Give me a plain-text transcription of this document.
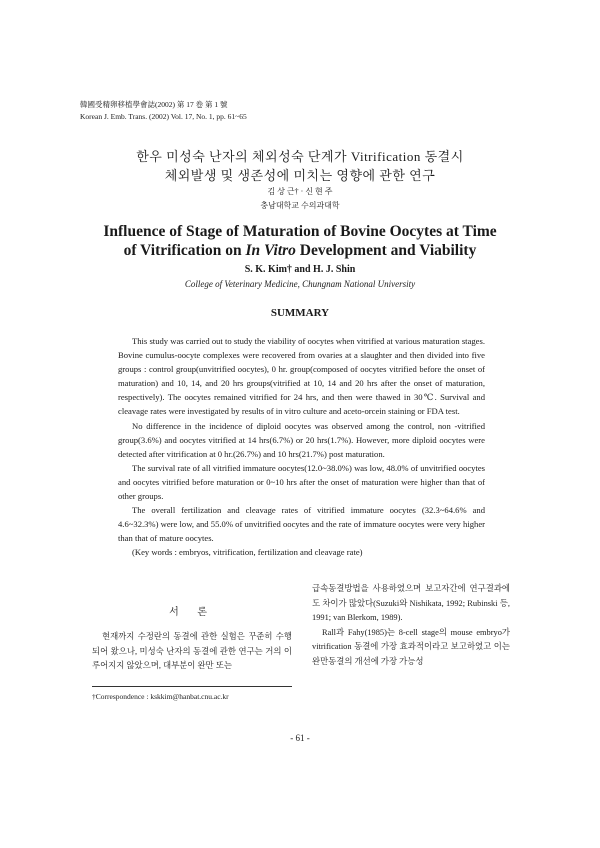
韓國受精卵移植學會誌(2002) 第 17 卷 第 1 號
Korean J. Emb. Trans. (2002) Vol. 17, No. 1, pp. 61~65
한우 미성숙 난자의 체외성숙 단계가 Vitrification 동결시
체외발생 및 생존성에 미치는 영향에 관한 연구
김 상 근† · 신 현 주
충남대학교 수의과대학
Influence of Stage of Maturation of Bovine Oocytes at Time
of Vitrification on In Vitro Development and Viability
S. K. Kim† and H. J. Shin
College of Veterinary Medicine, Chungnam National University
SUMMARY

This study was carried out to study the viability of oocytes when vitrified at various maturation stages. Bovine cumulus-oocyte complexes were recovered from ovaries at a slaughter and then divided into five groups : control group(unvitrified oocytes), 0 hr. group(composed of oocytes vitrified before the onset of maturation) and 10, 14, and 20 hrs groups(vitrified at 10, 14 and 20 hrs after the onset of maturation, respectively). The oocytes remained vitrified for 24 hrs, and then were thawed in 30℃. Survival and cleavage rates were investigated by results of in vitro culture and aceto-orcein staining or FDA test.

No difference in the incidence of diploid oocytes was observed among the control, non -vitrified group(3.6%) and oocytes vitrified at 14 hrs(6.7%) or 20 hrs(1.7%). However, more diploid oocytes were detected after vitrification at 0 hr.(26.7%) and 10 hrs(21.7%) post maturation.

The survival rate of all vitrified immature oocytes(12.0~38.0%) was low, 48.0% of unvitrified oocytes and oocytes vitrified before maturation or 0~10 hrs after the onset of maturation were higher than that of other groups.

The overall fertilization and cleavage rates of vitrified immature oocytes (32.3~64.6% and 4.6~32.3%) were low, and 55.0% of unvitrified oocytes and the rate of immature oocytes were very higher than that of mature oocytes.

(Key words : embryos, vitrification, fertilization and cleavage rate)

서 론

현재까지 수정란의 동결에 관한 실험은 꾸준히 수행되어 왔으나, 미성숙 난자의 동결에 관한 연구는 거의 이루어지지 않았으며, 대부분이 완만 또는

급속동결방법을 사용하였으며 보고자간에 연구결과에도 차이가 많았다(Suzuki와 Nishikata, 1992; Rubinski 등, 1991; van Blerkom, 1989).

Rall과 Fahy(1985)는 8-cell stage의 mouse embryo가 vitrification 동결에 가장 효과적이라고 보고하였고 이는 완만동결의 개선에 가장 가능성

†Correspondence : kskkim@hanbat.cnu.ac.kr
- 61 -
